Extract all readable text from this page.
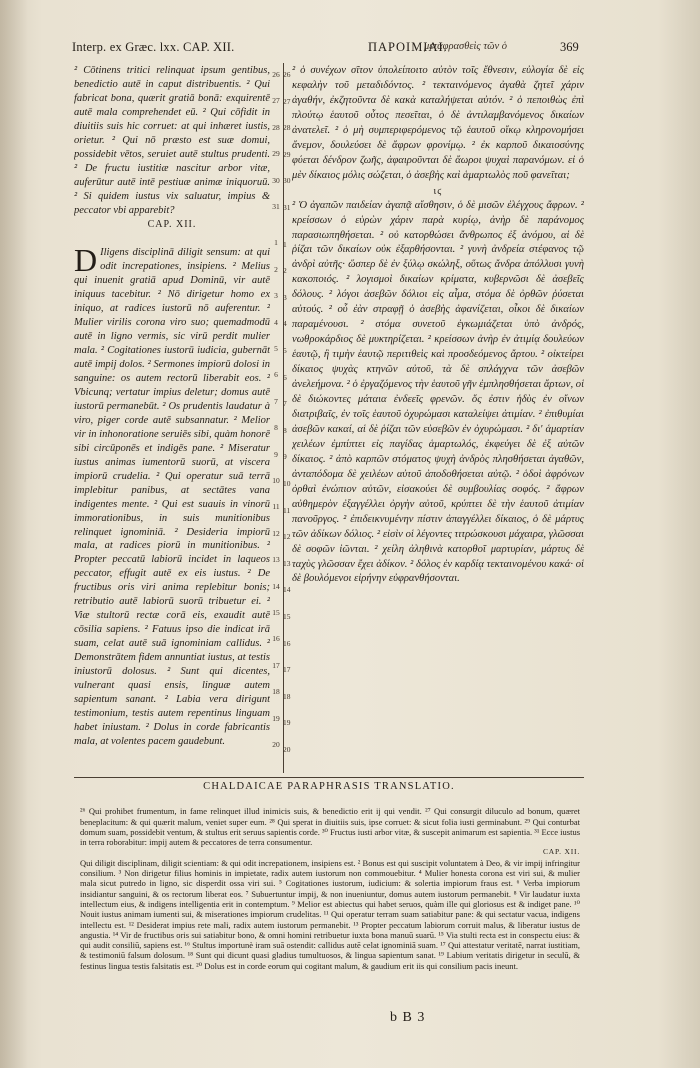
Interp. ex Græc. lxx. CAP. XII.	ΠΑΡΟΙΜΙΑΙ.
μεταφρασθεὶς τῶν ὁ	369
² Cōtinens tritici relinquat ipsum gentibus, benedictio autē in caput distribuentis. ² Qui fabricat bona, quærit gratiā bonā: exquirentē autē mala comprehendet eū. ² Qui cōfidit in diuitiis suis hic corruet: at qui inhæret iustis, orietur. ² Qui nō præsto est suæ domui, possidebit vētos, seruiet autē stultus prudenti. ² De fructu iustitiæ nascitur arbor vitæ, auferūtur autē intē pestiuæ animæ iniquoruū. ² Si quidem iustus vix saluatur, impius & peccator vbi apparebit?
CAP. XII.

D Iligens disciplinā diligit sensum: at qui odit increpationes, insipiens. ² Melius qui inuenit gratiā apud Dominū, vir autē iniquus tacebitur. ² Nō dirigetur homo ex iniquo, at radices iustorū nō auferentur. ² Mulier virilis corona viro suo; quemadmodū autē in ligno vermis, sic virū perdit mulier mala. ² Cogitationes iustorū iudicia, gubernāt autē impij dolos. ² Sermones impiorū dolosi in sanguine: os autem rectorū liberabit eos. ² Vbicunq; vertatur impius deletur; domus autē iustorū permanebūt. ² Os prudentis laudatur à viro, piger corde autē subsannatur. ² Melior vir in inhonoratione seruiēs sibi, quàm honorē sibi circūponēs et indigēs pane. ² Miseratur iustus animas iumentorū suorū, at viscera impiorū crudelia. ² Qui operatur suā terrā implebitur panibus, at sectātes vana indigentes mente. ² Qui est suauis in vinorū immorationibus, in suis munitionibus relinquet ignominiā. ² Desideria impiorū mala, at radices piorū in munitionibus. ² Propter peccatū labiorū incidet in laqueos peccator, effugit autē ex eis iustus. ² De fructibus oris viri anima replebitur bonis; retributio autē labiorū suorū tribuetur ei. ² Viæ stultorū rectæ corā eis, exaudit autē cōsilia sapiens. ² Fatuus ipso die indicat irā suam, celat autē suā ignominiam callidus. ² Demonstrātem fidem annuntiat iustus, at testis iniustorū dolosus. ² Sunt qui dicentes, vulnerant quasi ensis, linguæ autem sapientum sanant. ² Labia vera dirigunt testimonium, testis autem repentinus linguam habet iniustam. ² Dolus in corde fabricantis mala, at volentes pacem gaudebunt.

² ὁ συνέχων σῖτον ὑπολείποιτο αὐτὸν τοῖς ἔθνεσιν, εὐλογία δὲ εἰς κεφαλὴν τοῦ μεταδιδόντος. ² τεκταινόμενος ἀγαθὰ ζητεῖ χάριν ἀγαθήν, ἐκζητοῦντα δὲ κακὰ καταλήψεται αὐτόν. ² ὁ πεποιθὼς ἐπὶ πλούτῳ ἑαυτοῦ οὗτος πεσεῖται, ὁ δὲ ἀντιλαμβανόμενος δικαίων ἀνατελεῖ. ² ὁ μὴ συμπεριφερόμενος τῷ ἑαυτοῦ οἴκῳ κληρονομήσει ἄνεμον, δουλεύσει δὲ ἄφρων φρονίμῳ. ² ἐκ καρποῦ δικαιοσύνης φύεται δένδρον ζωῆς, ἀφαιροῦνται δὲ ἄωροι ψυχαὶ παρανόμων. εἰ ὁ μὲν δίκαιος μόλις σώζεται, ὁ ἀσεβὴς καὶ ἁμαρτωλὸς ποῦ φανεῖται;
ιϛ
² Ὁ ἀγαπῶν παιδείαν ἀγαπᾷ αἴσθησιν, ὁ δὲ μισῶν ἐλέγχους ἄφρων. ² κρείσσων ὁ εὑρὼν χάριν παρὰ κυρίῳ, ἀνὴρ δὲ παράνομος παρασιωπηθήσεται. ² οὐ κατορθώσει ἄνθρωπος ἐξ ἀνόμου, αἱ δὲ ῥίζαι τῶν δικαίων οὐκ ἐξαρθήσονται. ² γυνὴ ἀνδρεία στέφανος τῷ ἀνδρὶ αὐτῆς· ὥσπερ δὲ ἐν ξύλῳ σκώληξ, οὕτως ἄνδρα ἀπόλλυσι γυνὴ κακοποιός. ² λογισμοὶ δικαίων κρίματα, κυβερνῶσι δὲ ἀσεβεῖς δόλους. ² λόγοι ἀσεβῶν δόλιοι εἰς αἷμα, στόμα δὲ ὀρθῶν ῥύσεται αὐτούς. ² οὗ ἐὰν στραφῇ ὁ ἀσεβὴς ἀφανίζεται, οἶκοι δὲ δικαίων παραμένουσι. ² στόμα συνετοῦ ἐγκωμιάζεται ὑπὸ ἀνδρός, νωθροκάρδιος δὲ μυκτηρίζεται. ² κρείσσων ἀνὴρ ἐν ἀτιμίᾳ δουλεύων ἑαυτῷ, ἢ τιμὴν ἑαυτῷ περιτιθεὶς καὶ προσδεόμενος ἄρτου. ² οἰκτείρει δίκαιος ψυχὰς κτηνῶν αὐτοῦ, τὰ δὲ σπλάγχνα τῶν ἀσεβῶν ἀνελεήμονα. ² ὁ ἐργαζόμενος τὴν ἑαυτοῦ γῆν ἐμπλησθήσεται ἄρτων, οἱ δὲ διώκοντες μάταια ἐνδεεῖς φρενῶν. ὅς ἐστιν ἡδὺς ἐν οἴνων διατριβαῖς, ἐν τοῖς ἑαυτοῦ ὀχυρώμασι καταλείψει ἀτιμίαν. ² ἐπιθυμίαι ἀσεβῶν κακαί, αἱ δὲ ῥίζαι τῶν εὐσεβῶν ἐν ὀχυρώμασι. ² δι' ἁμαρτίαν χειλέων ἐμπίπτει εἰς παγίδας ἁμαρτωλός, ἐκφεύγει δὲ ἐξ αὐτῶν δίκαιος. ² ἀπὸ καρπῶν στόματος ψυχὴ ἀνδρὸς πλησθήσεται ἀγαθῶν, ἀνταπόδομα δὲ χειλέων αὐτοῦ ἀποδοθήσεται αὐτῷ. ² ὁδοὶ ἀφρόνων ὀρθαὶ ἐνώπιον αὐτῶν, εἰσακούει δὲ συμβουλίας σοφός. ² ἄφρων αὐθημερὸν ἐξαγγέλλει ὀργὴν αὐτοῦ, κρύπτει δὲ τὴν ἑαυτοῦ ἀτιμίαν πανοῦργος. ² ἐπιδεικνυμένην πίστιν ἀπαγγέλλει δίκαιος, ὁ δὲ μάρτυς τῶν ἀδίκων δόλιος. ² εἰσὶν οἱ λέγοντες τιτρώσκουσι μάχαιρα, γλῶσσαι δὲ σοφῶν ἰῶνται. ² χείλη ἀληθινὰ κατορθοῖ μαρτυρίαν, μάρτυς δὲ ταχὺς γλῶσσαν ἔχει ἀδίκον. ² δόλος ἐν καρδίᾳ τεκταινομένου κακά· οἱ δὲ βουλόμενοι εἰρήνην εὐφρανθήσονται.
CHALDAICAE PARAPHRASIS TRANSLATIO.

²⁶ Qui prohibet frumentum, in fame relinquet illud inimicis suis, & benedictio erit ij qui vendit. ²⁷ Qui consurgit diluculo ad bonum, quæret beneplacitum: & qui quærit malum, veniet super eum. ²⁸ Qui sperat in diuitiis suis, ipse corruet: & sicut folia iusti germinabunt. ²⁹ Qui conturbat domum suam, possidebit ventum, & stultus erit seruus sapientis corde. ³⁰ Fructus iusti arbor vitæ, & suscepit animarum est sapientia. ³¹ Ecce iustus in terra roborabitur: impij autem & peccatores de terra consumentur.

CAP. XII.

Qui diligit disciplinam, diligit scientiam: & qui odit increpationem, insipiens est. ² Bonus est qui suscipit voluntatem à Deo, & vir impij infringitur consilium. ³ Non dirigetur filius hominis in impietate, radix autem iustorum non commouebitur. ⁴ Mulier honesta corona est viri sui, & mulier mala sicut putredo in ligno, sic disperdit ossa viri sui. ⁵ Cogitationes iustorum, iudicium: & solertia impiorum fraus est. ⁶ Verba impiorum insidiantur sanguini, & os rectorum liberat eos. ⁷ Subuertuntur impij, & non inueniuntur, domus autem iustorum permanebit. ⁸ Vir laudatur iuxta intellectum eius, & indigens intelligentia erit in contemptum. ⁹ Melior est abiectus qui habet seruos, quàm ille qui gloriosus est & indiget pane. ¹⁰ Nouit iustus animam iumenti sui, & miserationes impiorum crudelitas. ¹¹ Qui operatur terram suam satiabitur pane: & qui sectatur vacua, indigens intellectu est. ¹² Desiderat impius rete mali, radix autem iustorum permanebit. ¹³ Propter peccatum labiorum corruit malus, & liberatur iustus de angustia. ¹⁴ Vir de fructibus oris sui satiabitur bono, & omni homini retribuetur iuxta bona manuū suarū. ¹⁵ Via stulti recta est in conspectu eius: & qui audit consiliū, sapiens est. ¹⁶ Stultus importunè iram suā ostendit: callidus autē celat ignominiā suam. ¹⁷ Qui attestatur veritatē, narrat iustitiam, & testimoniū falsum dolosum. ¹⁸ Sunt qui dicunt quasi gladius tumultuosos, & lingua sapientum sanat. ¹⁹ Labium veritatis dirigetur in seculū, & festinus lingua testis falsitatis est. ²⁰ Dolus est in corde eorum qui cogitant malum, & gaudium erit iis qui consilium pacis ineunt.

b B 3
26
27
28
29
30
31
1
2
3
4
5
6
7
8
9
10
11
12
13
14
15
16
17
18
19
20
26
27
28
29
30
31
1
2
3
4
5
6
7
8
9
10
11
12
13
14
15
16
17
18
19
20
